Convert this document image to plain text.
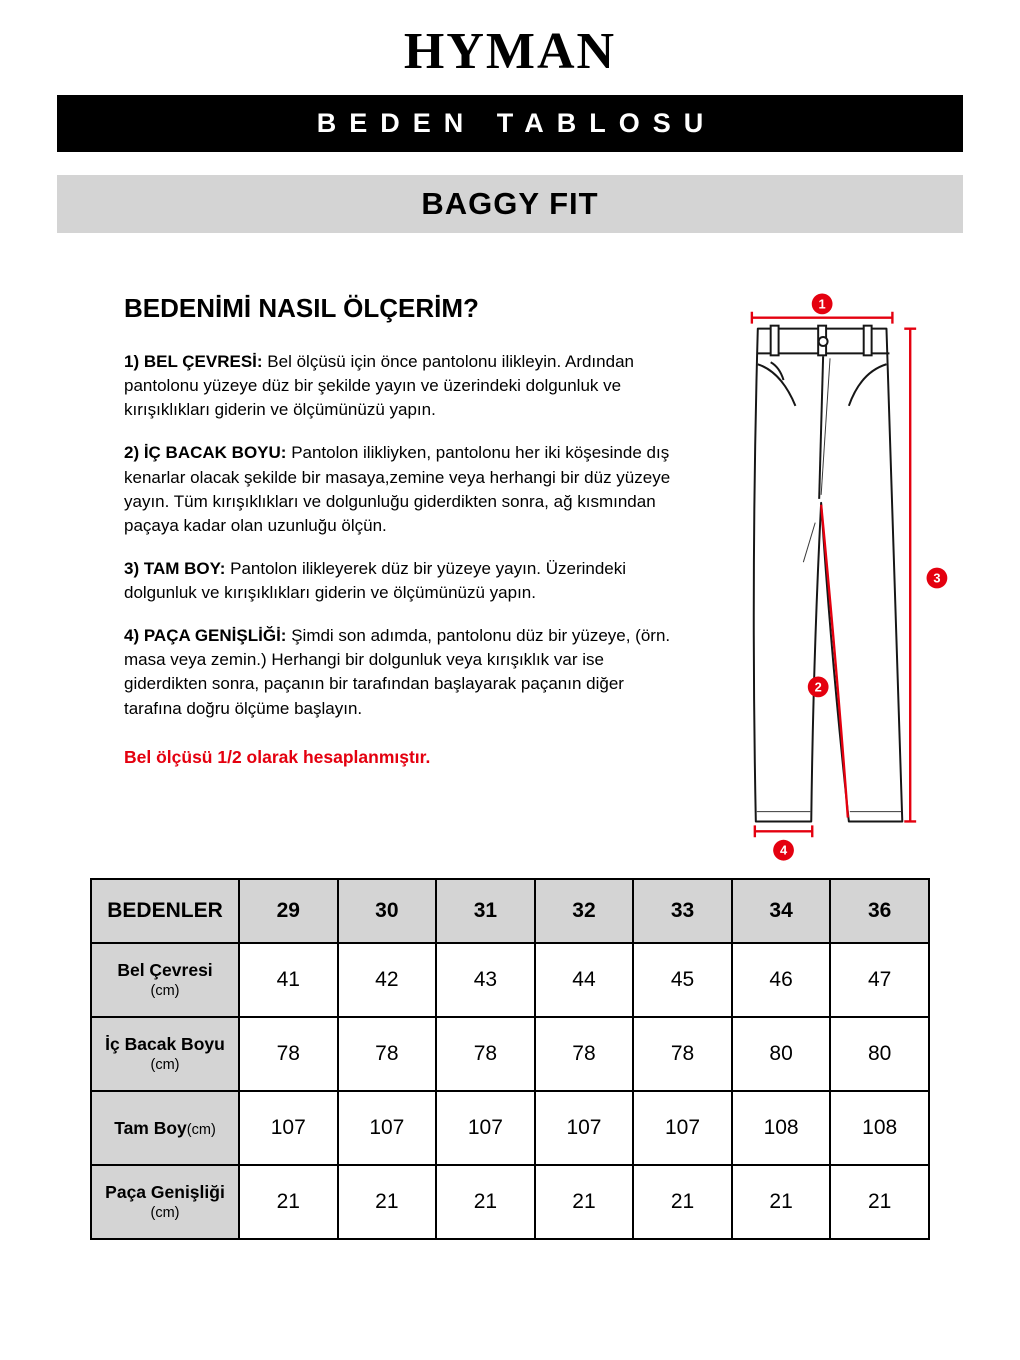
HYMAN
BEDEN TABLOSU
BAGGY FIT
BEDENİMİ NASIL ÖLÇERİM?

1) BEL ÇEVRESİ: Bel ölçüsü için önce pantolonu ilikleyin. Ardından pantolonu yüzeye düz bir şekilde yayın ve üzerindeki dolgunluk ve kırışıklıkları giderin ve ölçümünüzü yapın.

2) İÇ BACAK BOYU: Pantolon ilikliyken, pantolonu her iki köşesinde dış kenarlar olacak şekilde bir masaya,zemine veya herhangi bir düz yüzeye yayın. Tüm kırışıklıkları ve dolgunluğu giderdikten sonra, ağ kısmından paçaya kadar olan uzunluğu ölçün.

3) TAM BOY: Pantolon ilikleyerek düz bir yüzeye yayın. Üzerindeki dolgunluk ve kırışıklıkları giderin ve ölçümünüzü yapın.

4) PAÇA GENİŞLİĞİ: Şimdi son adımda, pantolonu düz bir yüzeye, (örn. masa veya zemin.) Herhangi bir dolgunluk veya kırışıklık var ise giderdikten sonra, paçanın bir tarafından başlayarak paçanın diğer tarafına doğru ölçüme başlayın.

Bel ölçüsü 1/2 olarak hesaplanmıştır.

1
2
3
4
BEDENLER	29	30	31	32	33	34	36
Bel Çevresi
(cm)	41	42	43	44	45	46	47
İç Bacak Boyu
(cm)	78	78	78	78	78	80	80
Tam Boy(cm)	107	107	107	107	107	108	108
Paça Genişliği
(cm)	21	21	21	21	21	21	21
